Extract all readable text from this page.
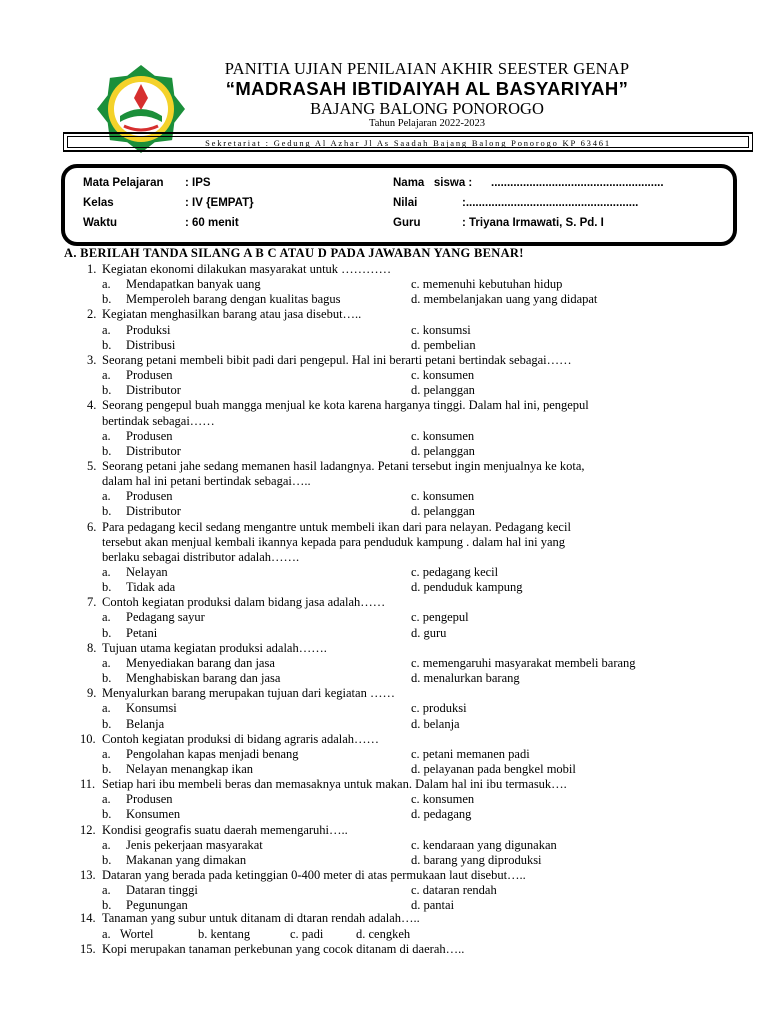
PANITIA UJIAN PENILAIAN AKHIR SEESTER GENAP
“MADRASAH IBTIDAIYAH AL BASYARIYAH”
BAJANG BALONG PONOROGO
Tahun Pelajaran 2022-2023
Sekretariat : Gedung Al Azhar Jl As Saadah Bajang Balong Ponorogo KP 63461
Mata Pelajaran : IPS
Kelas	: IV {EMPAT}
Waktu	: 60 menit
Nama   siswa : ......................................................
Nilai	:......................................................
Guru	: Triyana Irmawati, S. Pd. I
A. BERILAH TANDA SILANG A B C ATAU D PADA JAWABAN YANG BENAR!
1. Kegiatan ekonomi dilakukan masyarakat untuk …………
a. Mendapatkan banyak uang	c. memenuhi kebutuhan hidup
b. Memperoleh barang dengan kualitas bagus	d. membelanjakan uang yang didapat
2. Kegiatan menghasilkan barang atau jasa disebut…..
a. Produksi	c. konsumsi
b. Distribusi	d. pembelian
3. Seorang petani membeli bibit padi dari pengepul. Hal ini berarti petani bertindak sebagai……
a. Produsen	c. konsumen
b. Distributor	d. pelanggan
4. Seorang pengepul buah mangga menjual ke kota karena harganya tinggi. Dalam hal ini, pengepul
bertindak sebagai……
a. Produsen	c. konsumen
b. Distributor	d. pelanggan
5. Seorang petani jahe sedang memanen hasil ladangnya. Petani tersebut ingin menjualnya ke kota,
dalam hal ini petani bertindak sebagai…..
a. Produsen	c. konsumen
b. Distributor	d. pelanggan
6. Para pedagang kecil sedang mengantre untuk membeli ikan dari para nelayan. Pedagang kecil
tersebut akan menjual kembali ikannya kepada para penduduk kampung . dalam hal ini yang
berlaku sebagai distributor adalah…….
a. Nelayan	c. pedagang kecil
b. Tidak ada	d. penduduk kampung
7. Contoh kegiatan produksi dalam bidang jasa adalah……
a. Pedagang sayur	c. pengepul
b. Petani	d. guru
8. Tujuan utama kegiatan produksi adalah…….
a. Menyediakan barang dan jasa	c. memengaruhi masyarakat membeli barang
b. Menghabiskan barang dan jasa	d. menalurkan barang
9. Menyalurkan barang merupakan tujuan dari kegiatan ……
a. Konsumsi	c. produksi
b. Belanja	d. belanja
10. Contoh kegiatan produksi di bidang agraris adalah……
a. Pengolahan kapas menjadi benang	c. petani memanen padi
b. Nelayan menangkap ikan	d. pelayanan pada bengkel mobil
11. Setiap hari ibu membeli beras dan memasaknya untuk makan. Dalam hal ini ibu termasuk….
a. Produsen	c. konsumen
b. Konsumen	d. pedagang
12. Kondisi geografis suatu daerah memengaruhi…..
a. Jenis pekerjaan masyarakat	c. kendaraan yang digunakan
b. Makanan yang dimakan	d. barang yang diproduksi
13. Dataran yang berada pada ketinggian 0-400 meter di atas permukaan laut disebut…..
a. Dataran tinggi	c. dataran rendah
b. Pegunungan	d. pantai
14. Tanaman yang subur untuk ditanam di dtaran rendah adalah…..
a.   Wortel	b. kentang	c. padi	d. cengkeh
15. Kopi merupakan tanaman perkebunan yang cocok ditanam di daerah…..
